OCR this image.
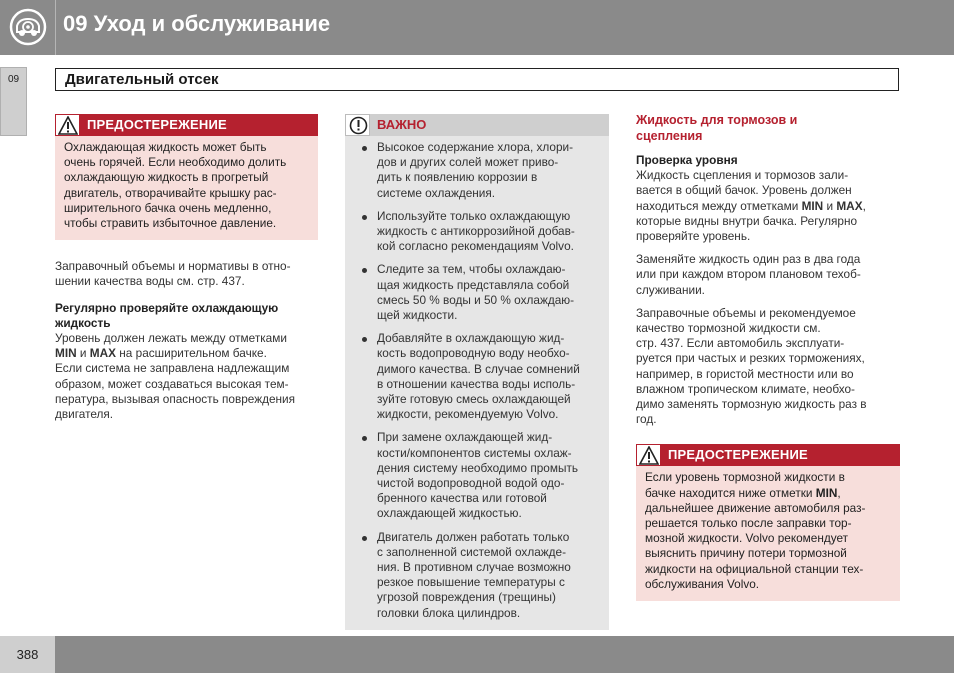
09 Уход и обслуживание
09	Двигательный отсек
ПРЕДОСТЕРЕЖЕНИЕ
Охлаждающая жидкость может быть
очень горячей. Если необходимо долить
охлаждающую жидкость в прогретый
двигатель, отворачивайте крышку рас-
ширительного бачка очень медленно,
чтобы стравить избыточное давление.
Заправочный объемы и нормативы в отно-
шении качества воды см. стр. 437.
Регулярно проверяйте охлаждающую
жидкость
Уровень должен лежать между отметками
MIN и MAX на расширительном бачке.
Если система не заправлена надлежащим
образом, может создаваться высокая тем-
пература, вызывая опасность повреждения
двигателя.
ВАЖНО
Высокое содержание хлора, хлори-
дов и других солей может приво-
дить к появлению коррозии в
системе охлаждения.
Используйте только охлаждающую
жидкость с антикоррозийной добав-
кой согласно рекомендациям Volvo.
Следите за тем, чтобы охлаждаю-
щая жидкость представляла собой
смесь 50 % воды и 50 % охлаждаю-
щей жидкости.
Добавляйте в охлаждающую жид-
кость водопроводную воду необхо-
димого качества. В случае сомнений
в отношении качества воды исполь-
зуйте готовую смесь охлаждающей
жидкости, рекомендуемую Volvo.
При замене охлаждающей жид-
кости/компонентов системы охлаж-
дения систему необходимо промыть
чистой водопроводной водой одо-
бренного качества или готовой
охлаждающей жидкостью.
Двигатель должен работать только
с заполненной системой охлажде-
ния. В противном случае возможно
резкое повышение температуры с
угрозой повреждения (трещины)
головки блока цилиндров.
Жидкость для тормозов и
сцепления
Проверка уровня
Жидкость сцепления и тормозов зали-
вается в общий бачок. Уровень должен
находиться между отметками MIN и MAX,
которые видны внутри бачка. Регулярно
проверяйте уровень.
Заменяйте жидкость один раз в два года
или при каждом втором плановом техоб-
служивании.
Заправочные объемы и рекомендуемое
качество тормозной жидкости см.
стр. 437. Если автомобиль эксплуати-
руется при частых и резких торможениях,
например, в гористой местности или во
влажном тропическом климате, необхо-
димо заменять тормозную жидкость раз в
год.
ПРЕДОСТЕРЕЖЕНИЕ
Если уровень тормозной жидкости в
бачке находится ниже отметки MIN,
дальнейшее движение автомобиля раз-
решается только после заправки тор-
мозной жидкости. Volvo рекомендует
выяснить причину потери тормозной
жидкости на официальной станции тех-
обслуживания Volvo.
388
